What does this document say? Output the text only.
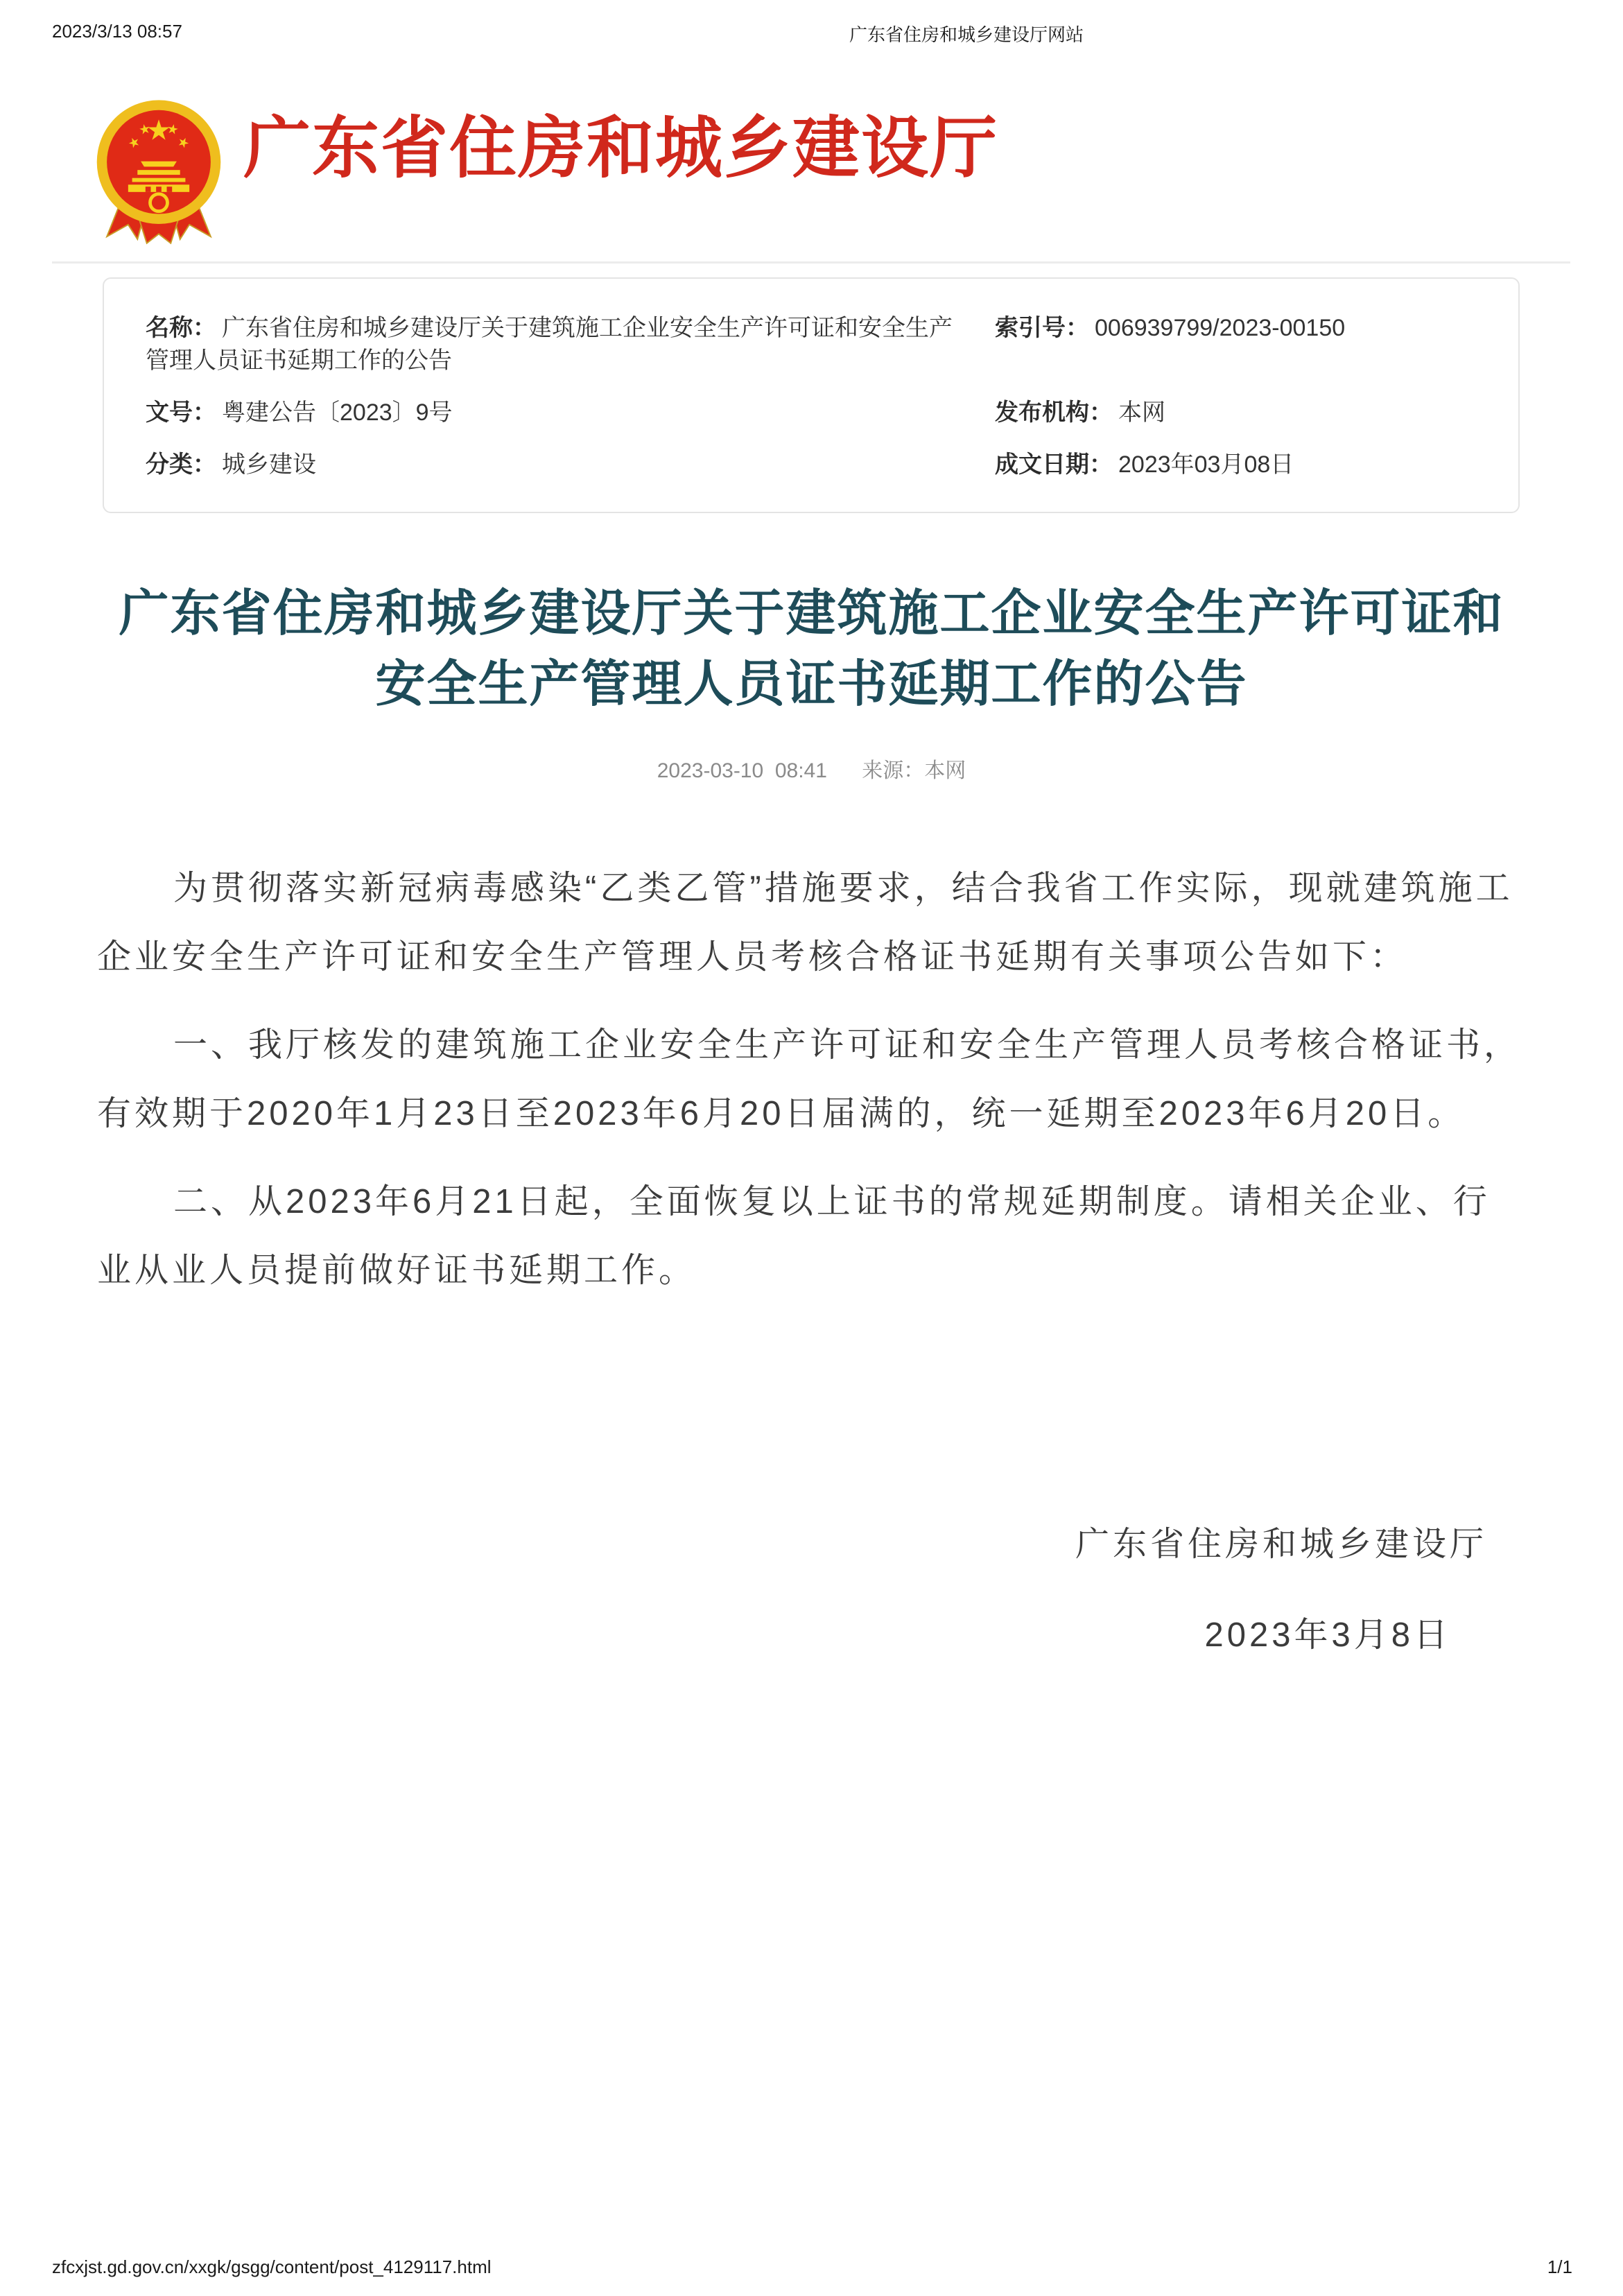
2023/3/13 08:57	广东省住房和城乡建设厅网站
广东省住房和城乡建设厅
名称： 广东省住房和城乡建设厅关于建筑施工企业安全生产许可证和安全生产管理人员证书延期工作的公告
索引号： 006939799/2023-00150
文号： 粤建公告〔2023〕9号	发布机构： 本网
分类： 城乡建设	成文日期： 2023年03月08日
广东省住房和城乡建设厅关于建筑施工企业安全生产许可证和
安全生产管理人员证书延期工作的公告
2023-03-10  08:41 来源：本网

为贯彻落实新冠病毒感染“乙类乙管”措施要求，结合我省工作实际，现就建筑施工企业安全生产许可证和安全生产管理人员考核合格证书延期有关事项公告如下：

一、我厅核发的建筑施工企业安全生产许可证和安全生产管理人员考核合格证书，有效期于2020年1月23日至2023年6月20日届满的，统一延期至2023年6月20日。

二、从2023年6月21日起，全面恢复以上证书的常规延期制度。请相关企业、行业从业人员提前做好证书延期工作。

广东省住房和城乡建设厅
2023年3月8日
zfcxjst.gd.gov.cn/xxgk/gsgg/content/post_4129117.html	1/1
